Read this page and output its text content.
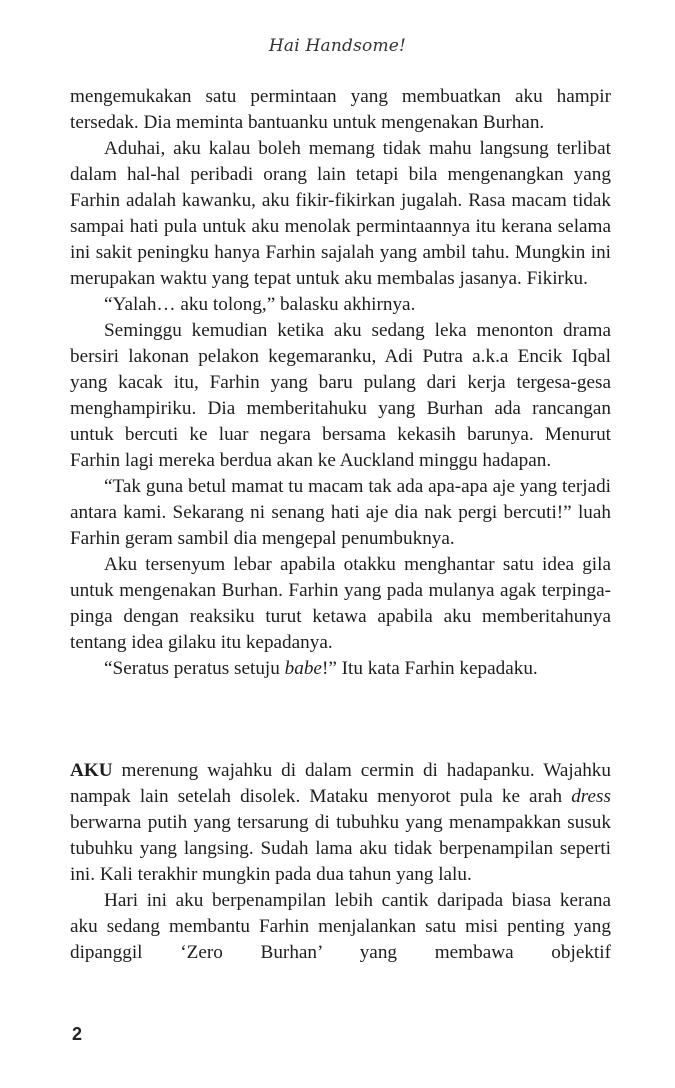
Hai Handsome!

mengemukakan satu permintaan yang membuatkan aku hampir tersedak. Dia meminta bantuanku untuk mengenakan Burhan.

Aduhai, aku kalau boleh memang tidak mahu langsung terlibat dalam hal-hal peribadi orang lain tetapi bila mengenangkan yang Farhin adalah kawanku, aku fikir-fikirkan jugalah. Rasa macam tidak sampai hati pula untuk aku menolak permintaannya itu kerana selama ini sakit peningku hanya Farhin sajalah yang ambil tahu. Mungkin ini merupakan waktu yang tepat untuk aku membalas jasanya. Fikirku.

“Yalah… aku tolong,” balasku akhirnya.

Seminggu kemudian ketika aku sedang leka menonton drama bersiri lakonan pelakon kegemaranku, Adi Putra a.k.a Encik Iqbal yang kacak itu, Farhin yang baru pulang dari kerja tergesa-gesa menghampiriku. Dia memberitahuku yang Burhan ada rancangan untuk bercuti ke luar negara bersama kekasih barunya. Menurut Farhin lagi mereka berdua akan ke Auckland minggu hadapan.

“Tak guna betul mamat tu macam tak ada apa-apa aje yang terjadi antara kami. Sekarang ni senang hati aje dia nak pergi bercuti!” luah Farhin geram sambil dia mengepal penumbuknya.

Aku tersenyum lebar apabila otakku menghantar satu idea gila untuk mengenakan Burhan. Farhin yang pada mulanya agak terpinga-pinga dengan reaksiku turut ketawa apabila aku memberitahunya tentang idea gilaku itu kepadanya.

“Seratus peratus setuju babe!” Itu kata Farhin kepadaku.

AKU merenung wajahku di dalam cermin di hadapanku. Wajahku nampak lain setelah disolek. Mataku menyorot pula ke arah dress berwarna putih yang tersarung di tubuhku yang menampakkan susuk tubuhku yang langsing. Sudah lama aku tidak berpenampilan seperti ini. Kali terakhir mungkin pada dua tahun yang lalu.

Hari ini aku berpenampilan lebih cantik daripada biasa kerana aku sedang membantu Farhin menjalankan satu misi penting yang dipanggil ‘Zero Burhan’ yang membawa objektif

2
